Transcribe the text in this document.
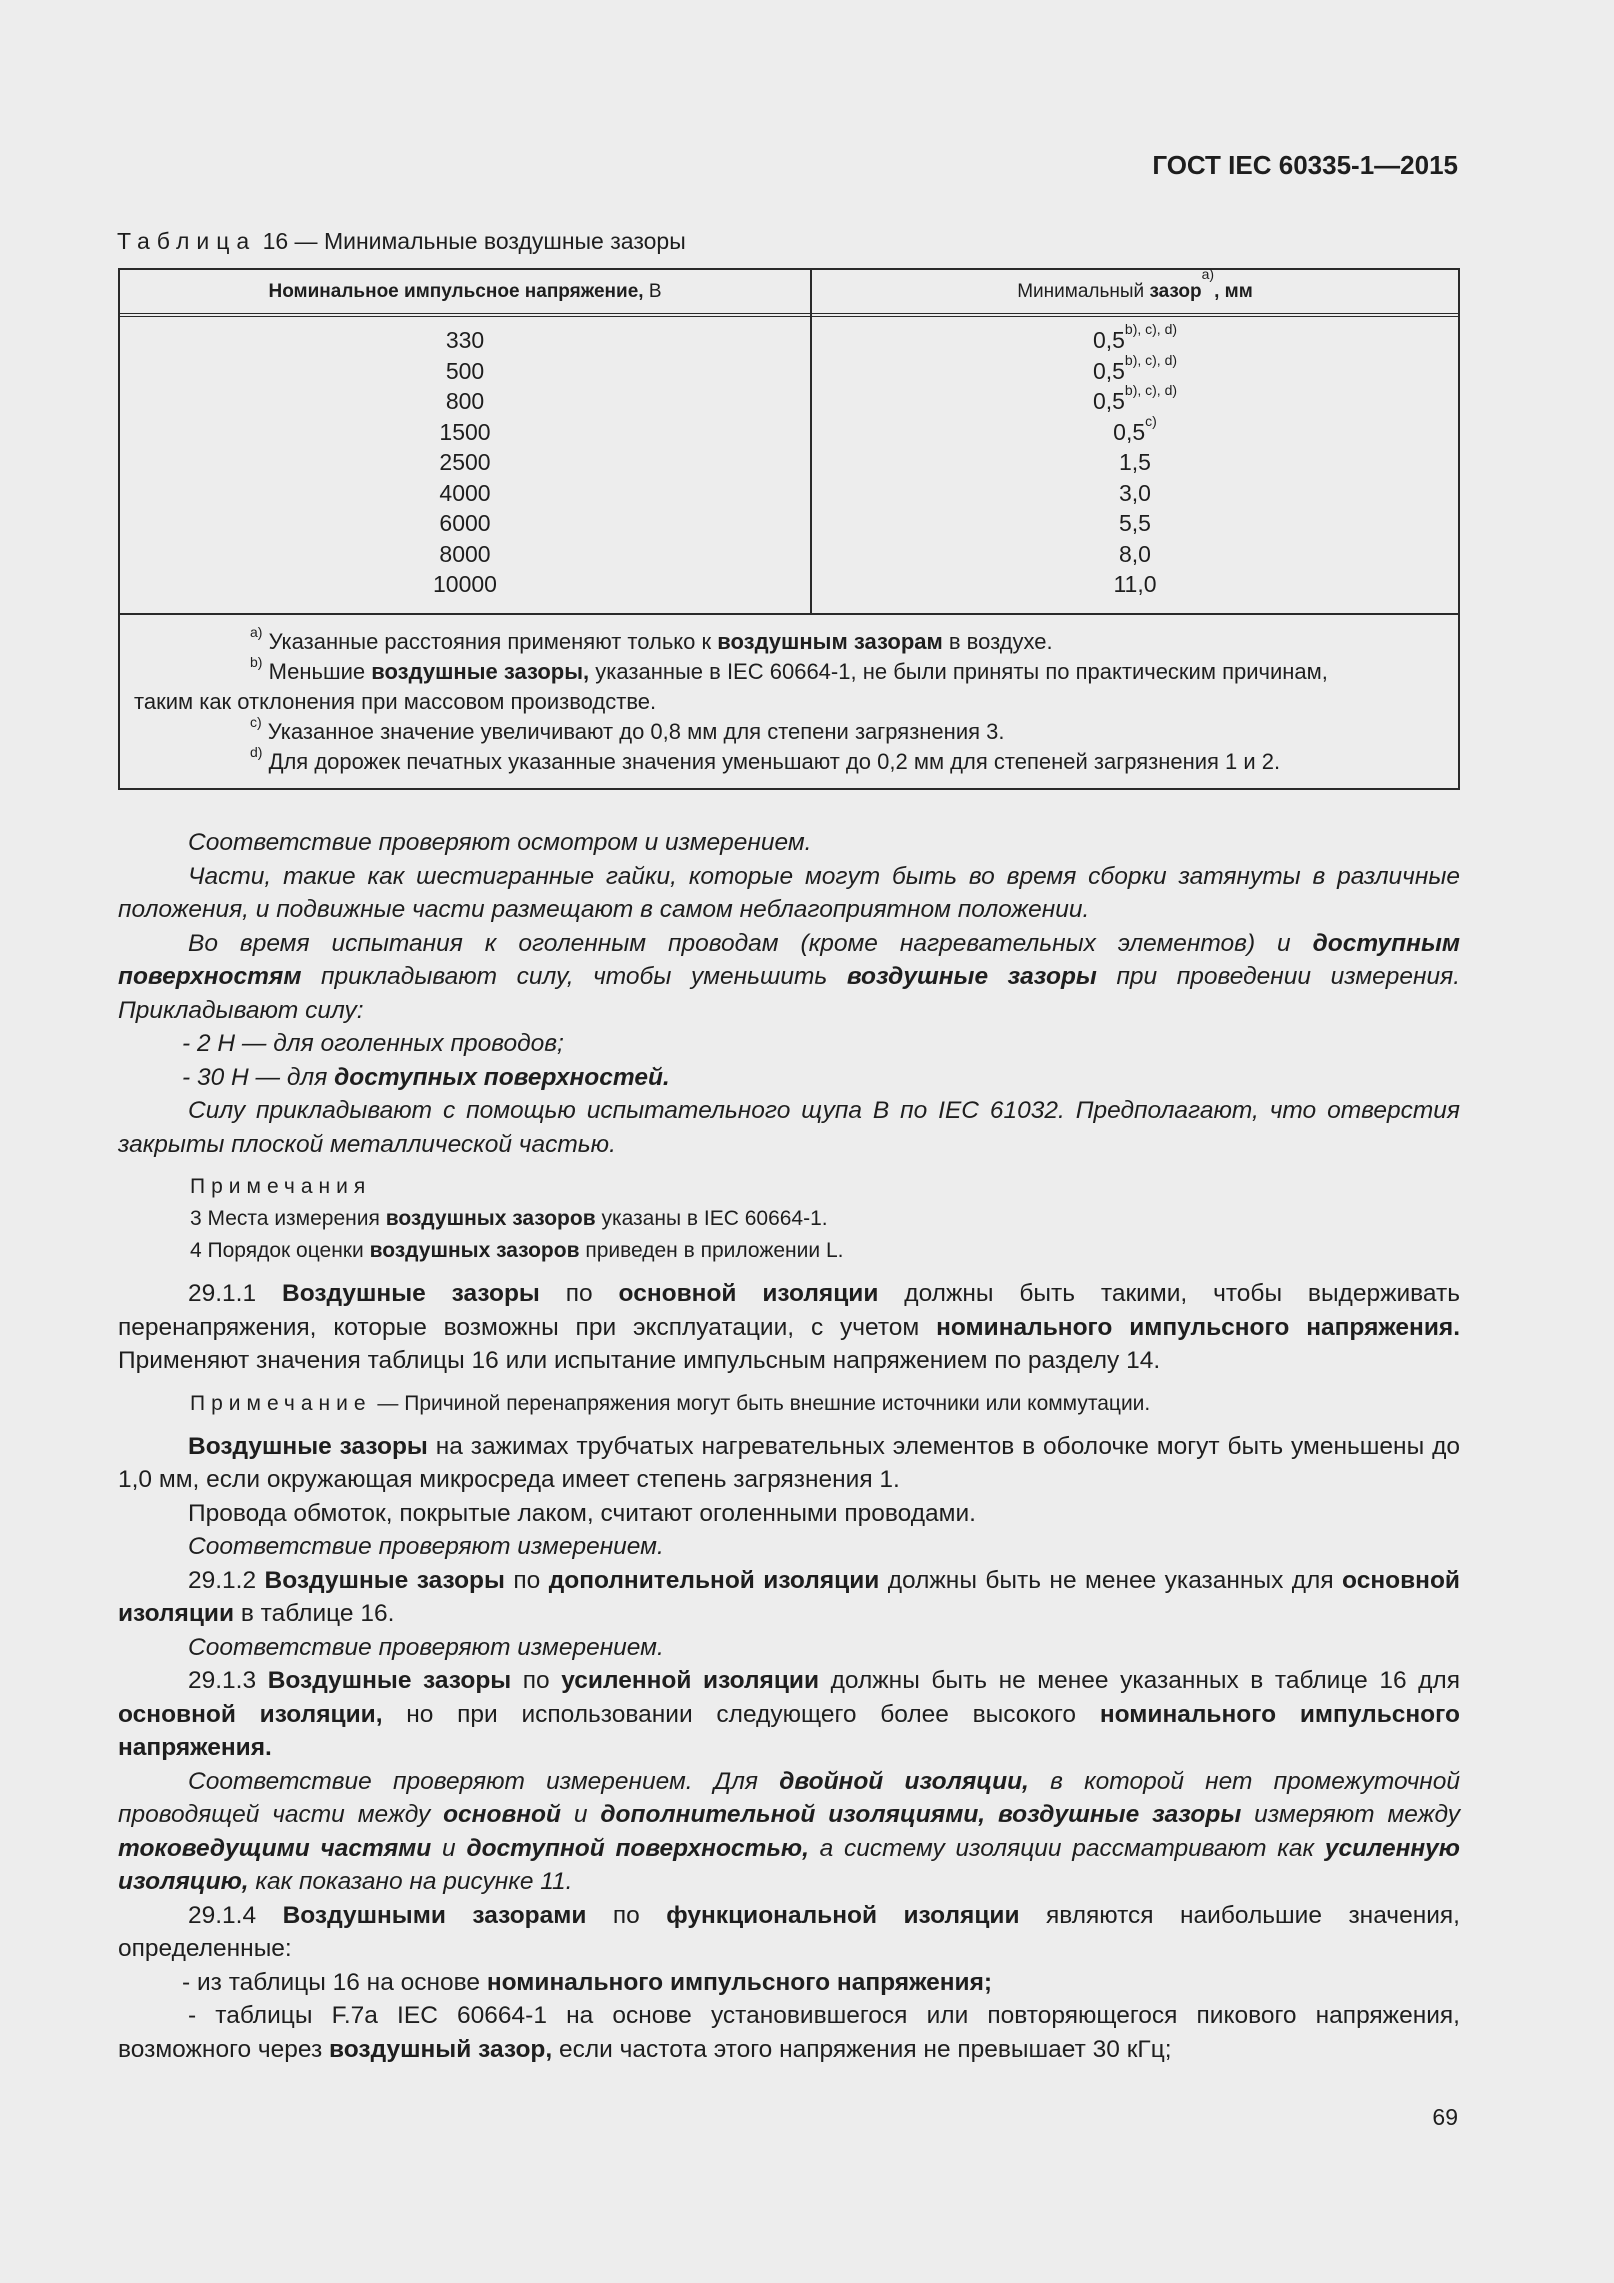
ГОСТ IEC 60335-1—2015
Таблица 16 — Минимальные воздушные зазоры
Номинальное импульсное напряжение, В	Минимальный зазор$^{a)}$, мм
330
500
800
1500
2500
4000
6000
8000
10000
$0,5^{b), c), d)}$
$0,5^{b), c), d)}$
$0,5^{b), c), d)}$
0,5$^{c)}$
1,5
3,0
5,5
8,0
11,0

$^{a)}$ Указанные расстояния применяют только к воздушным зазорам в воздухе.

$^{b)}$ Меньшие воздушные зазоры, указанные в IEC 60664-1, не были приняты по практическим причинам,

таким как отклонения при массовом производстве.

$^{c)}$ Указанное значение увеличивают до 0,8 мм для степени загрязнения 3.

$^{d)}$ Для дорожек печатных указанные значения уменьшают до 0,2 мм для степеней загрязнения 1 и 2.

Соответствие проверяют осмотром и измерением.

Части, такие как шестигранные гайки, которые могут быть во время сборки затянуты в различные положения, и подвижные части размещают в самом неблагоприятном положении.

Во время испытания к оголенным проводам (кроме нагревательных элементов) и доступным поверхностям прикладывают силу, чтобы уменьшить воздушные зазоры при проведении измерения. Прикладывают силу:

- 2 Н — для оголенных проводов;

- 30 Н — для доступных поверхностей.

Силу прикладывают с помощью испытательного щупа В по IEC 61032. Предполагают, что отверстия закрыты плоской металлической частью.

Примечания

3 Места измерения воздушных зазоров указаны в IEC 60664-1.

4 Порядок оценки воздушных зазоров приведен в приложении L.

29.1.1 Воздушные зазоры по основной изоляции должны быть такими, чтобы выдерживать перенапряжения, которые возможны при эксплуатации, с учетом номинального импульсного напряжения. Применяют значения таблицы 16 или испытание импульсным напряжением по разделу 14.

Примечание — Причиной перенапряжения могут быть внешние источники или коммутации.

Воздушные зазоры на зажимах трубчатых нагревательных элементов в оболочке могут быть уменьшены до 1,0 мм, если окружающая микросреда имеет степень загрязнения 1.

Провода обмоток, покрытые лаком, считают оголенными проводами.

Соответствие проверяют измерением.

29.1.2 Воздушные зазоры по дополнительной изоляции должны быть не менее указанных для основной изоляции в таблице 16.

Соответствие проверяют измерением.

29.1.3 Воздушные зазоры по усиленной изоляции должны быть не менее указанных в таблице 16 для основной изоляции, но при использовании следующего более высокого номинального импульсного напряжения.

Соответствие проверяют измерением. Для двойной изоляции, в которой нет промежуточной проводящей части между основной и дополнительной изоляциями, воздушные зазоры измеряют между токоведущими частями и доступной поверхностью, а систему изоляции рассматривают как усиленную изоляцию, как показано на рисунке 11.

29.1.4 Воздушными зазорами по функциональной изоляции являются наибольшие значения, определенные:

- из таблицы 16 на основе номинального импульсного напряжения;

- таблицы F.7a IEC 60664-1 на основе установившегося или повторяющегося пикового напряжения, возможного через воздушный зазор, если частота этого напряжения не превышает 30 кГц;

69
